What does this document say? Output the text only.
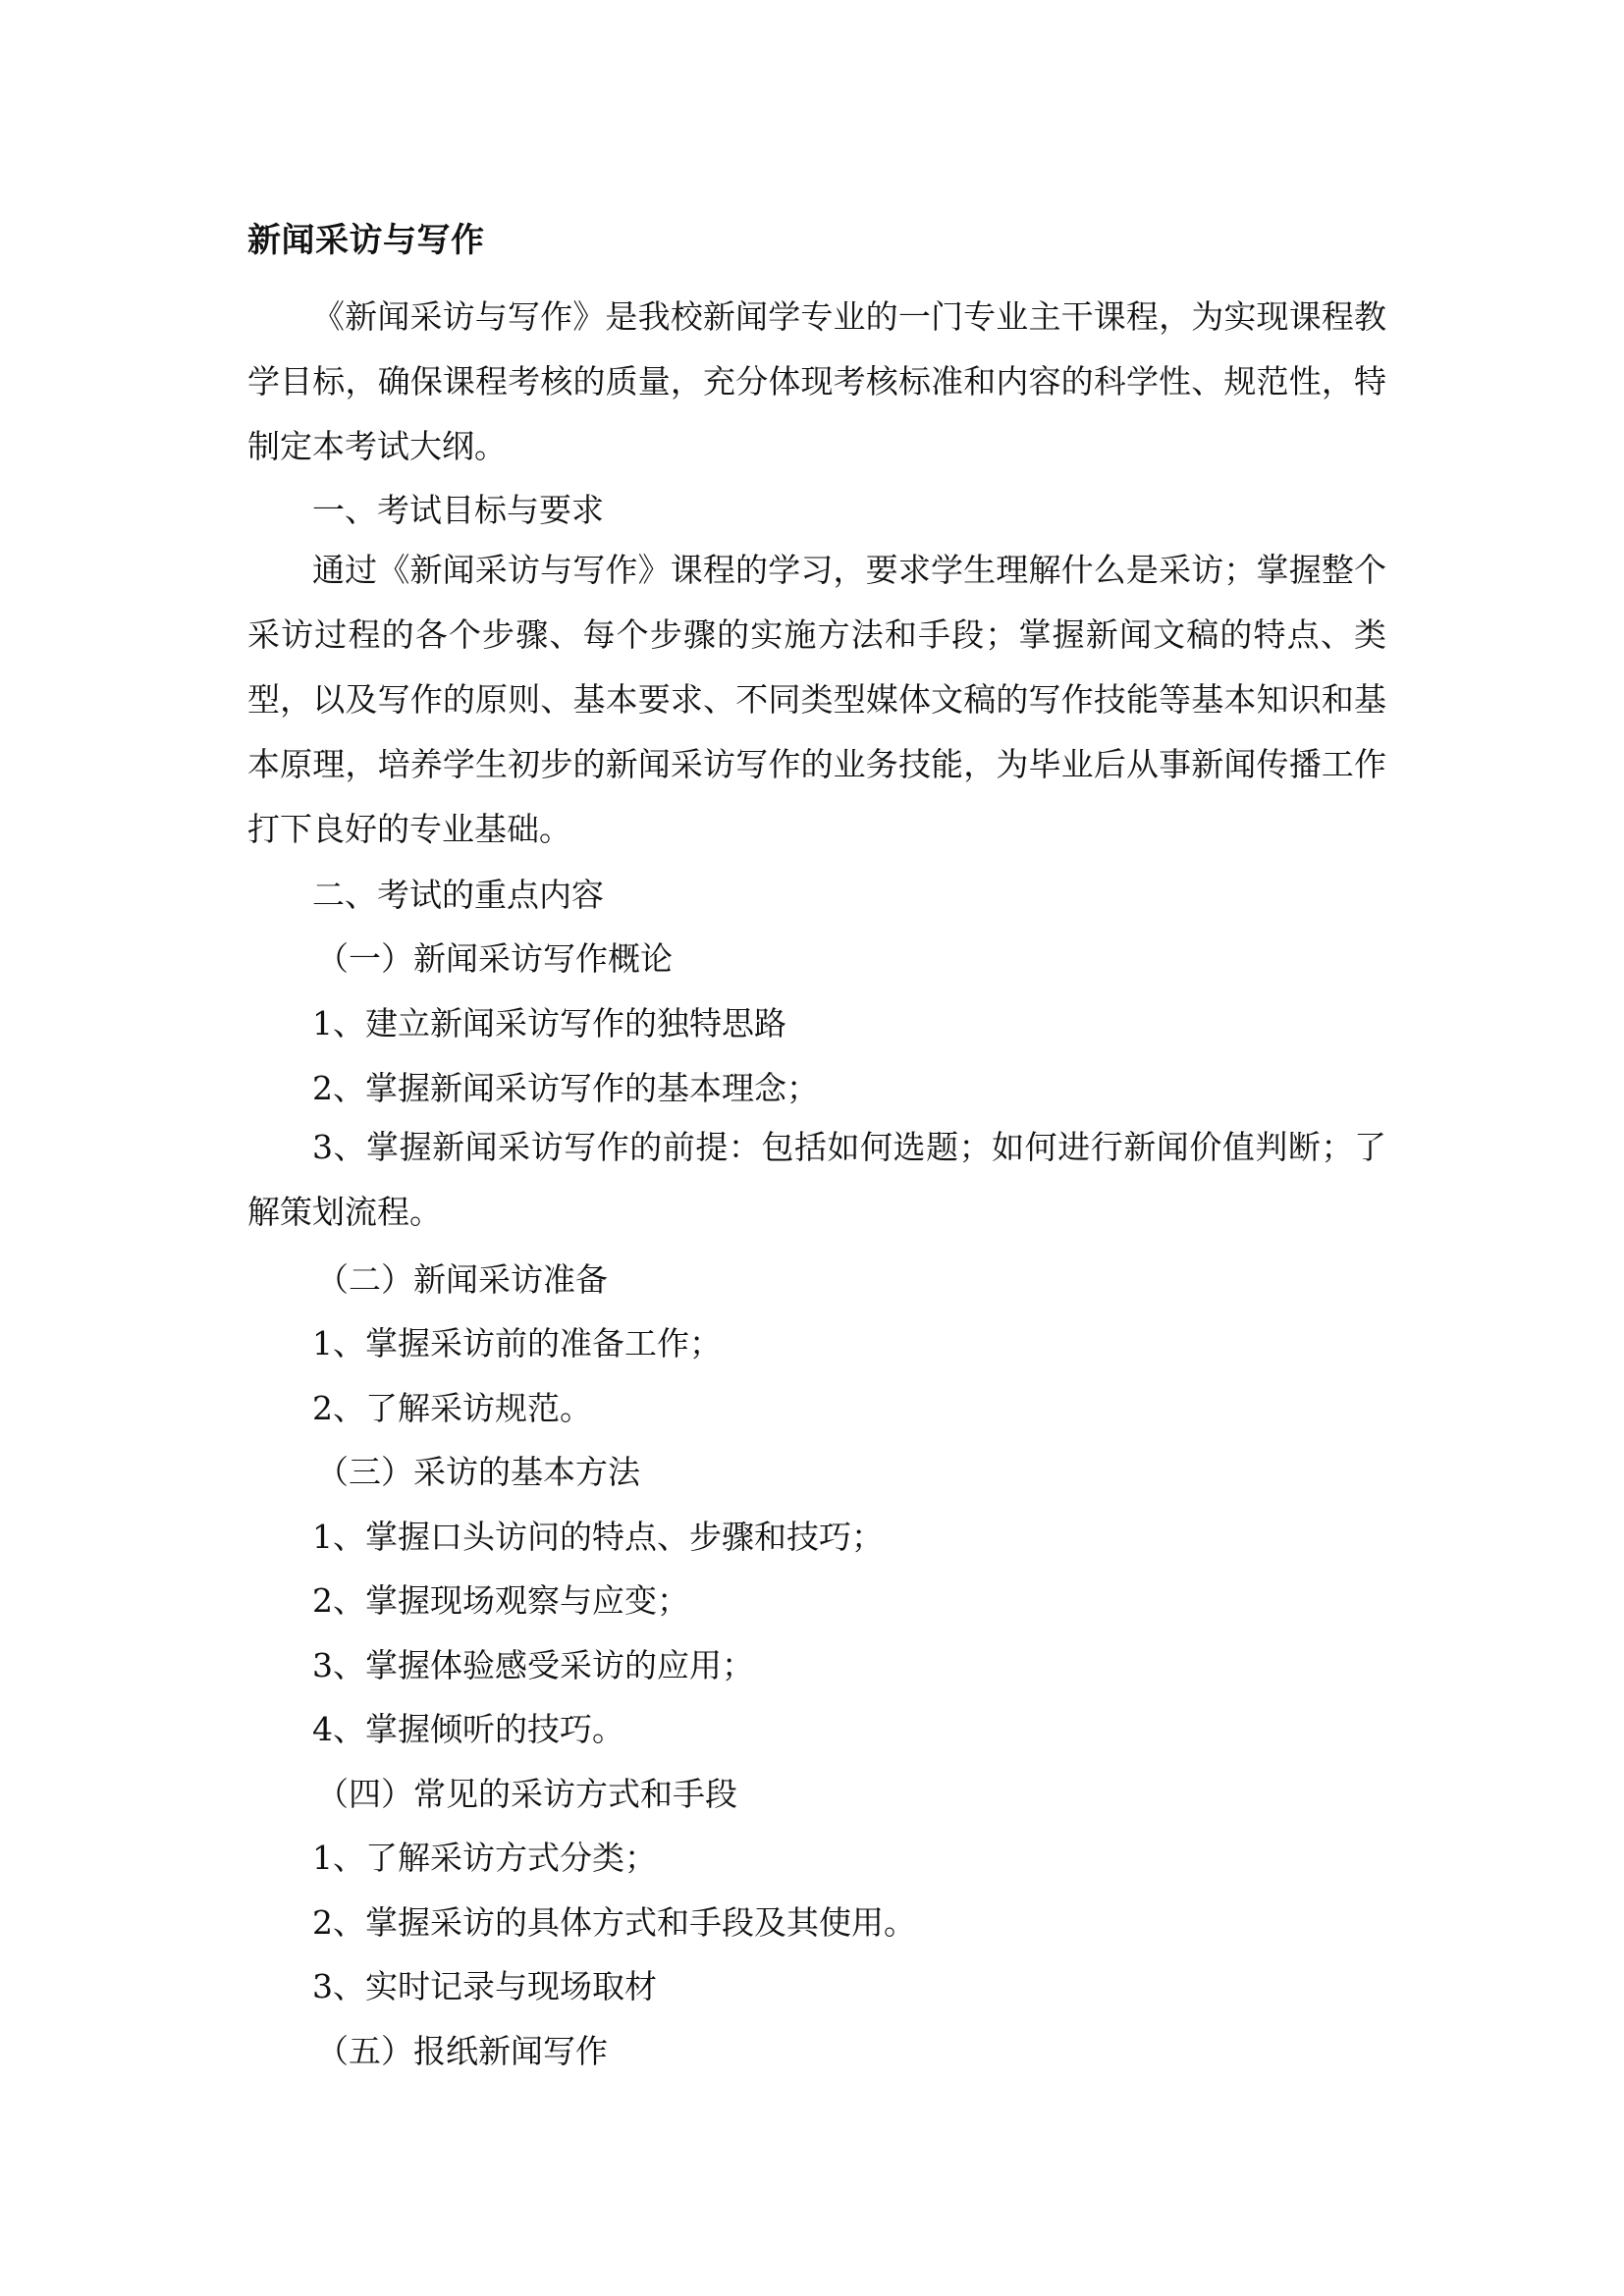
新闻采访与写作
《新闻采访与写作》是我校新闻学专业的一门专业主干课程，为实现课程教学目标，确保课程考核的质量，充分体现考核标准和内容的科学性、规范性，特制定本考试大纲。
一、考试目标与要求
通过《新闻采访与写作》课程的学习，要求学生理解什么是采访；掌握整个采访过程的各个步骤、每个步骤的实施方法和手段；掌握新闻文稿的特点、类型，以及写作的原则、基本要求、不同类型媒体文稿的写作技能等基本知识和基本原理，培养学生初步的新闻采访写作的业务技能，为毕业后从事新闻传播工作打下良好的专业基础。
二、考试的重点内容
（一）新闻采访写作概论
1、建立新闻采访写作的独特思路
2、掌握新闻采访写作的基本理念；
3、掌握新闻采访写作的前提：包括如何选题；如何进行新闻价值判断；了解策划流程。
（二）新闻采访准备
1、掌握采访前的准备工作；
2、了解采访规范。
（三）采访的基本方法
1、掌握口头访问的特点、步骤和技巧；
2、掌握现场观察与应变；
3、掌握体验感受采访的应用；
4、掌握倾听的技巧。
（四）常见的采访方式和手段
1、了解采访方式分类；
2、掌握采访的具体方式和手段及其使用。
3、实时记录与现场取材
（五）报纸新闻写作
